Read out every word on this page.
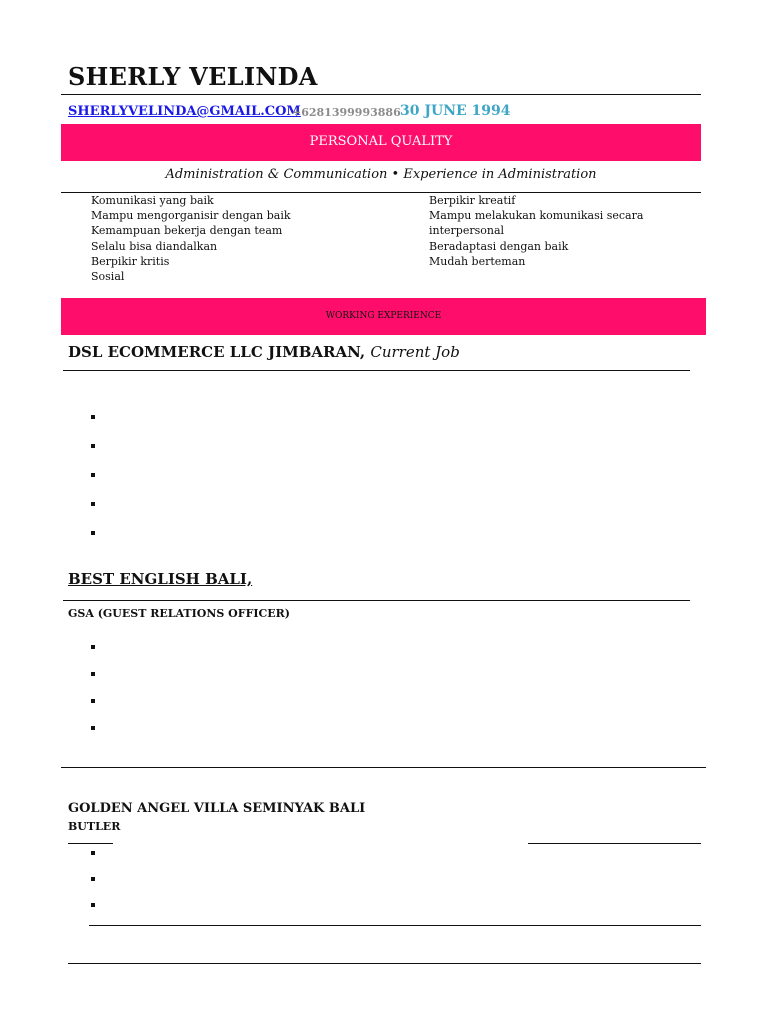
SHERLY VELINDA
SHERLYVELINDA@GMAIL.COM
+6281399993886 30 JUNE 1994
PERSONAL QUALITY
Administration & Communication • Experience in Administration
Komunikasi yang baik
Mampu mengorganisir dengan baik
Kemampuan bekerja dengan team
Selalu bisa diandalkan
Berpikir kritis
Sosial
Berpikir kreatif
Mampu melakukan komunikasi secara
interpersonal
Beradaptasi dengan baik
Mudah berteman
WORKING EXPERIENCE
DSL ECOMMERCE LLC JIMBARAN, Current Job
BEST ENGLISH BALI,
GSA (GUEST RELATIONS OFFICER)
GOLDEN ANGEL VILLA SEMINYAK BALI
BUTLER
